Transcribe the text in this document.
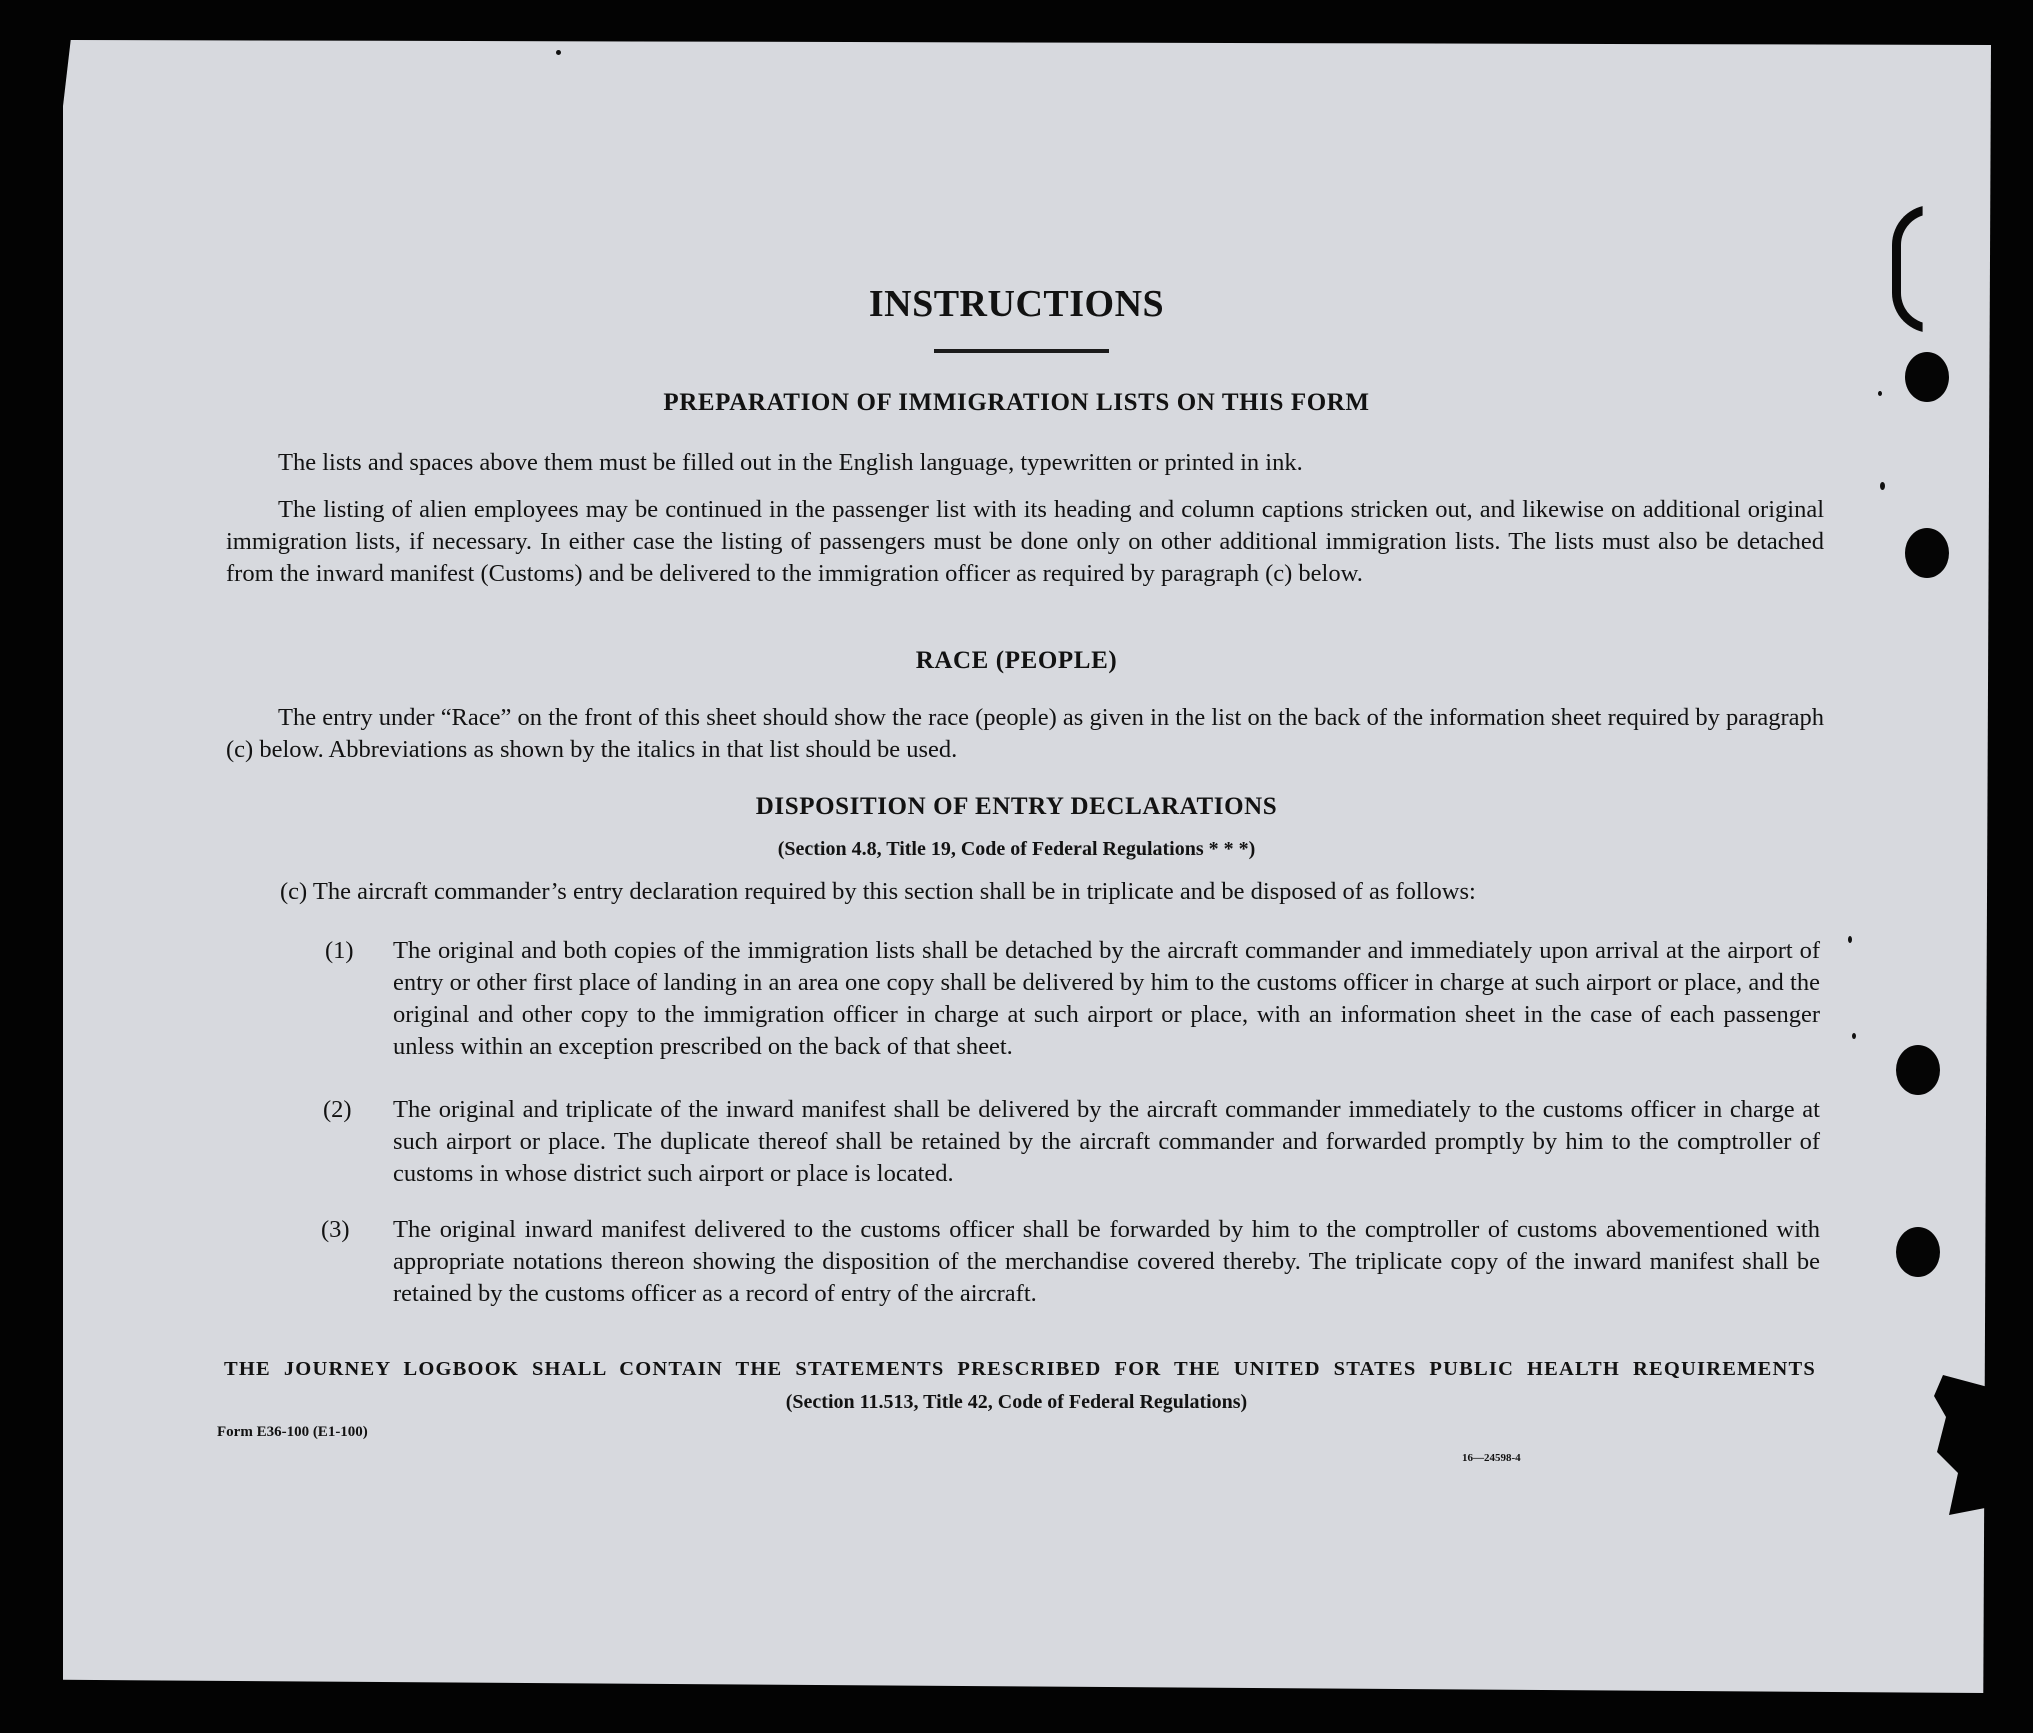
INSTRUCTIONS
PREPARATION OF IMMIGRATION LISTS ON THIS FORM

The lists and spaces above them must be filled out in the English language, typewritten or printed in ink.

The listing of alien employees may be continued in the passenger list with its heading and column captions stricken out, and likewise on additional original immigration lists, if necessary. In either case the listing of passengers must be done only on other additional immigration lists. The lists must also be detached from the inward manifest (Customs) and be delivered to the immigration officer as required by paragraph (c) below.

RACE (PEOPLE)

The entry under “Race” on the front of this sheet should show the race (people) as given in the list on the back of the information sheet required by paragraph (c) below. Abbreviations as shown by the italics in that list should be used.

DISPOSITION OF ENTRY DECLARATIONS
(Section 4.8, Title 19, Code of Federal Regulations * * *)

(c) The aircraft commander’s entry declaration required by this section shall be in triplicate and be disposed of as follows:

(1) The original and both copies of the immigration lists shall be detached by the aircraft commander and immediately upon arrival at the airport of entry or other first place of landing in an area one copy shall be delivered by him to the customs officer in charge at such airport or place, and the original and other copy to the immigration officer in charge at such airport or place, with an information sheet in the case of each passenger unless within an exception prescribed on the back of that sheet.

(2) The original and triplicate of the inward manifest shall be delivered by the aircraft commander immediately to the customs officer in charge at such airport or place. The duplicate thereof shall be retained by the aircraft commander and forwarded promptly by him to the comptroller of customs in whose district such airport or place is located.

(3) The original inward manifest delivered to the customs officer shall be forwarded by him to the comptroller of customs abovementioned with appropriate notations thereon showing the disposition of the merchandise covered thereby. The triplicate copy of the inward manifest shall be retained by the customs officer as a record of entry of the aircraft.

THE JOURNEY LOGBOOK SHALL CONTAIN THE STATEMENTS PRESCRIBED FOR THE UNITED STATES PUBLIC HEALTH REQUIREMENTS
(Section 11.513, Title 42, Code of Federal Regulations)
Form E36-100 (E1-100)
16—24598-4
